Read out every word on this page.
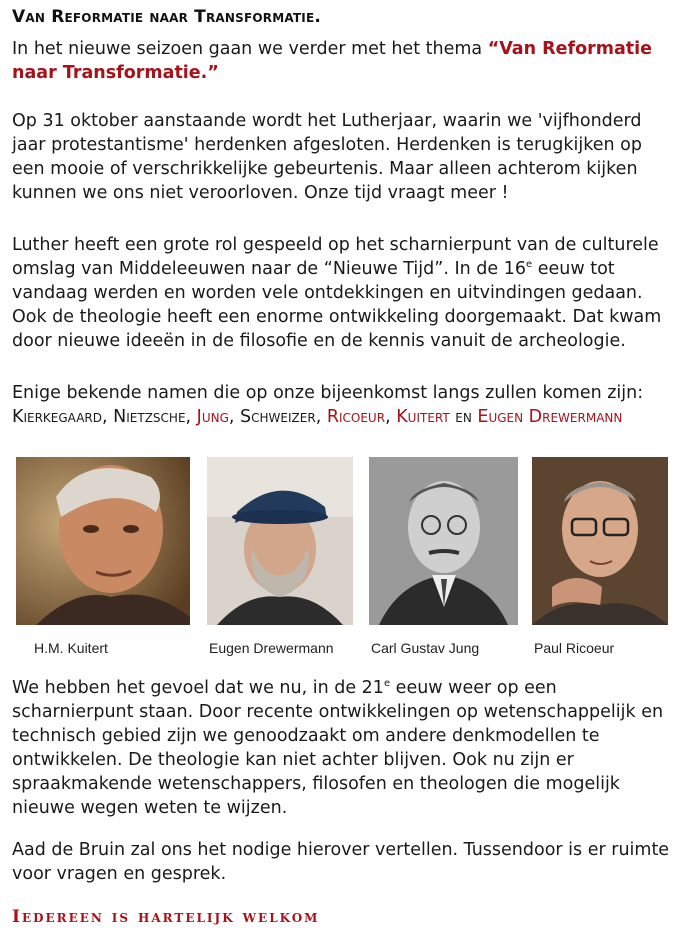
Van Reformatie naar Transformatie.
In het nieuwe seizoen gaan we verder met het thema “Van Reformatie naar Transformatie.”
Op 31 oktober aanstaande wordt het Lutherjaar, waarin we 'vijfhonderd jaar protestantisme' herdenken afgesloten. Herdenken is terugkijken op een mooie of verschrikkelijke gebeurtenis. Maar alleen achterom kijken kunnen we ons niet veroorloven. Onze tijd vraagt meer !
Luther heeft een grote rol gespeeld op het scharnierpunt van de culturele omslag van Middeleeuwen naar de “Nieuwe Tijd”. In de 16e eeuw tot vandaag werden en worden vele ontdekkingen en uitvindingen gedaan. Ook de theologie heeft een enorme ontwikkeling doorgemaakt. Dat kwam door nieuwe ideeën in de filosofie en de kennis vanuit de archeologie.
Enige bekende namen die op onze bijeenkomst langs zullen komen zijn: Kierkegaard, Nietzsche, Jung, Schweizer, Ricoeur, Kuitert en Eugen Drewermann
H.M. Kuitert	Eugen Drewermann	Carl Gustav Jung	Paul Ricoeur
We hebben het gevoel dat we nu, in de 21e eeuw weer op een scharnierpunt staan. Door recente ontwikkelingen op wetenschappelijk en technisch gebied zijn we genoodzaakt om andere denkmodellen te ontwikkelen. De theologie kan niet achter blijven. Ook nu zijn er spraakmakende wetenschappers, filosofen en theologen die mogelijk nieuwe wegen weten te wijzen.
Aad de Bruin zal ons het nodige hierover vertellen. Tussendoor is er ruimte voor vragen en gesprek.
Iedereen is hartelijk welkom
